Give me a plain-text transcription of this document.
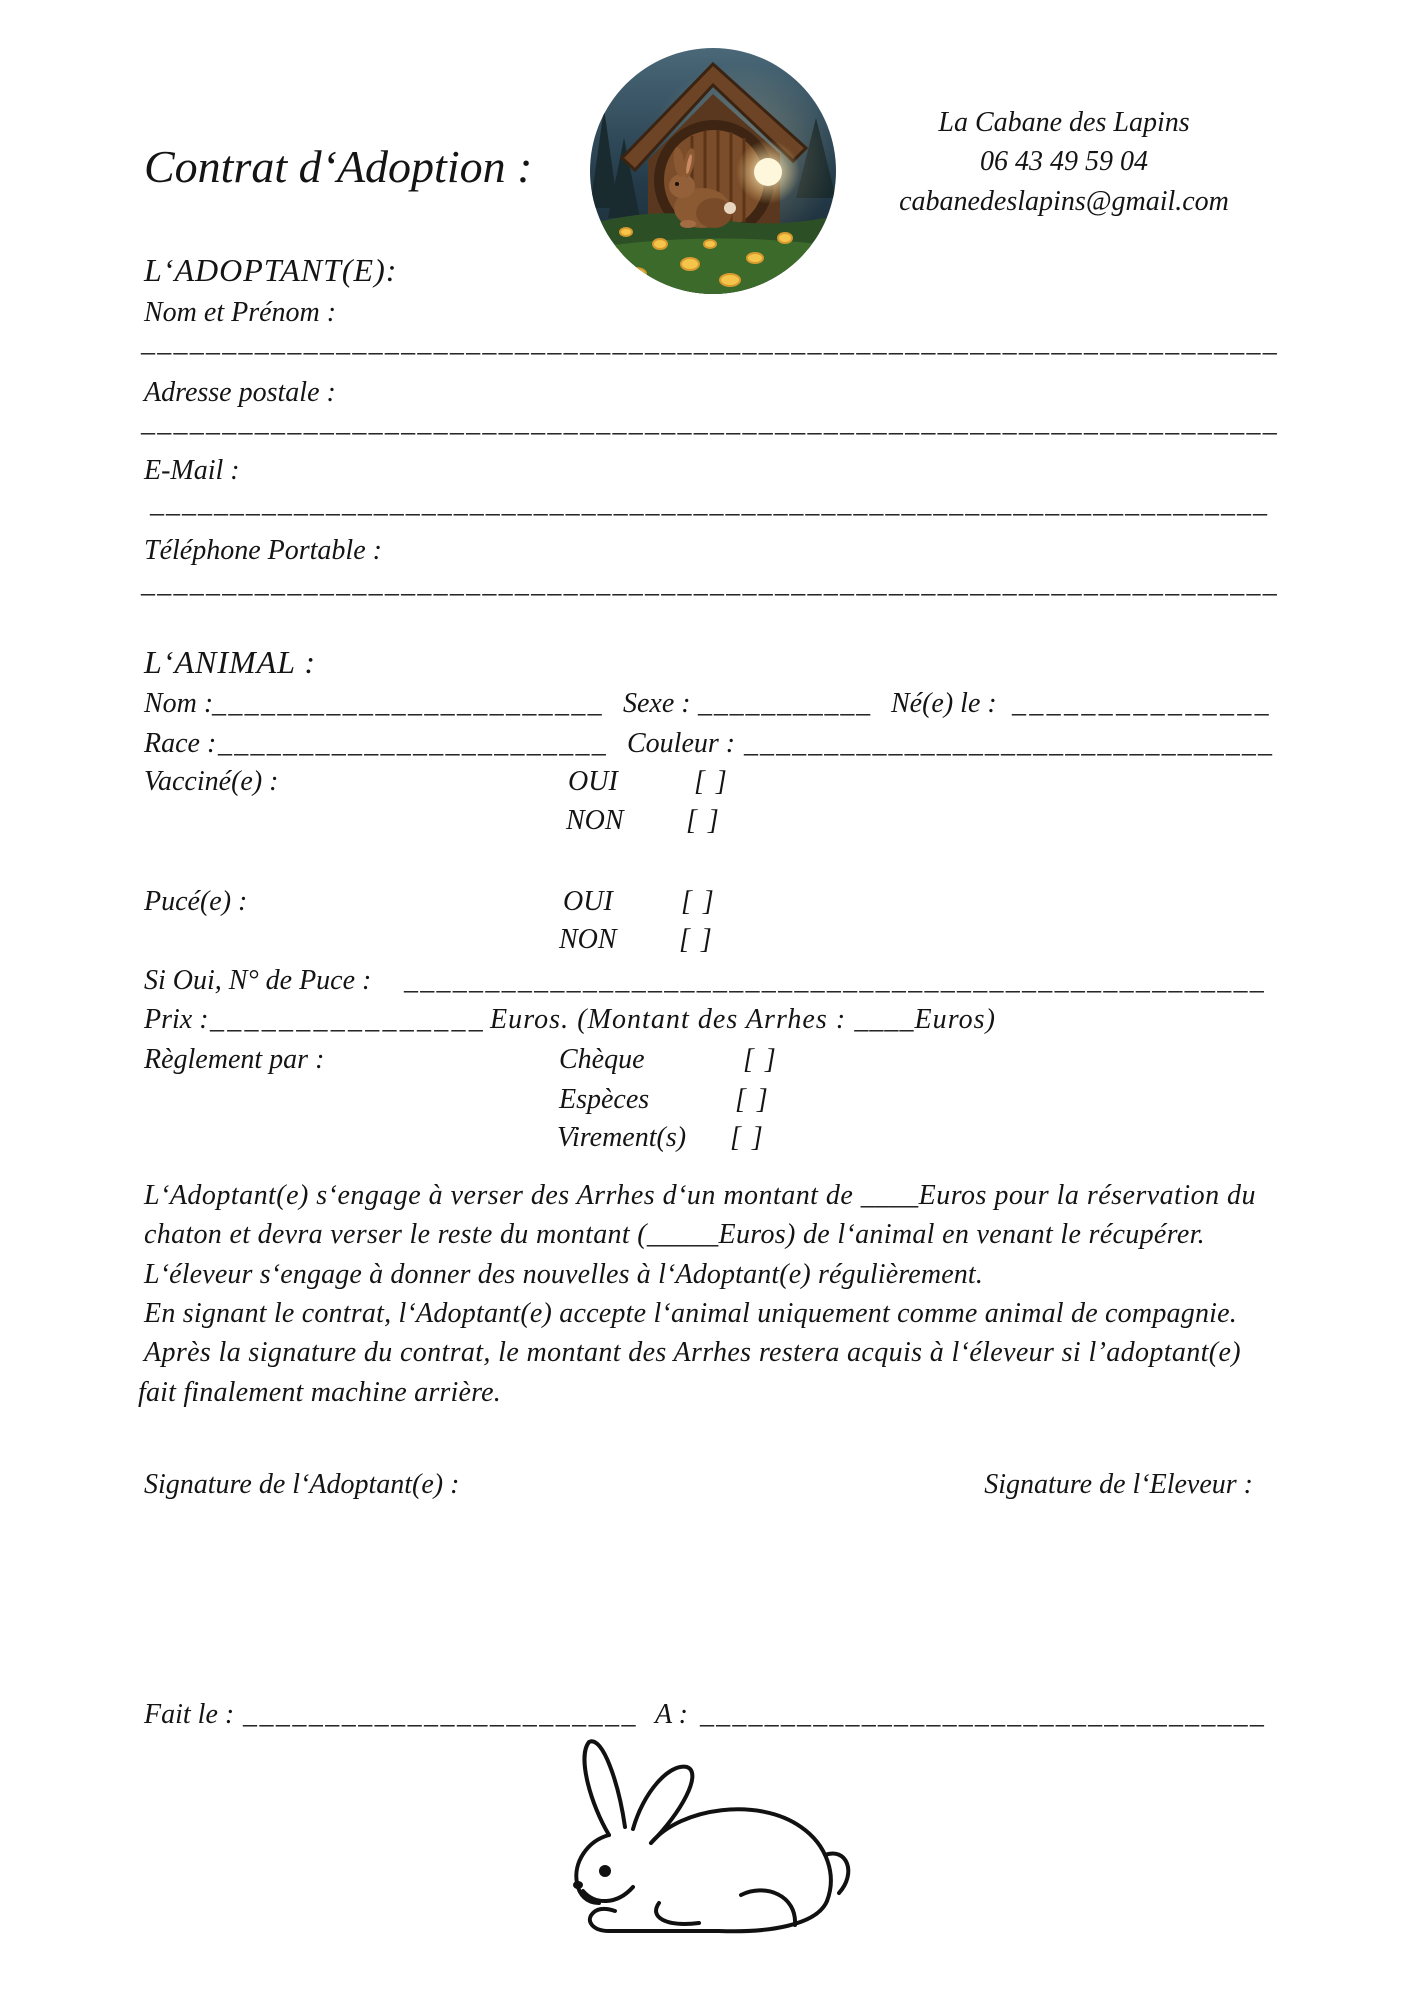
Contrat d‘Adoption :
La Cabane des Lapins
06 43 49 59 04
cabanedeslapins@gmail.com
L‘ADOPTANT(E):
Nom et Prénom :
______________________________________________________________________
Adresse postale :
______________________________________________________________________
E-Mail :
______________________________________________________________________
Téléphone Portable :
______________________________________________________________________
L‘ANIMAL :
Nom :
________________________ Sexe : ___________ Né(e) le : _______________
Race : ________________________ Couleur : _________________________________
Vacciné(e) :	OUI	[ ]
NON [ ]
Pucé(e) :	OUI [ ]
NON [ ]
Si Oui, N° de Puce : _____________________________________________________
Prix : ________________ Euros. (Montant des Arrhes : ____Euros)
Règlement par :	Chèque	[ ]
Espèces	[ ]
Virement(s) [ ]
L‘Adoptant(e) s‘engage à verser des Arrhes d‘un montant de ____Euros pour la réservation du
chaton et devra verser le reste du montant (_____Euros) de l‘animal en venant le récupérer.
L‘éleveur s‘engage à donner des nouvelles à l‘Adoptant(e) régulièrement.
En signant le contrat, l‘Adoptant(e) accepte l‘animal uniquement comme animal de compagnie.
Après la signature du contrat, le montant des Arrhes restera acquis à l‘éleveur si l’adoptant(e)
fait finalement machine arrière.
Signature de l‘Adoptant(e) :	Signature de l‘Eleveur :
Fait le : ________________________ A : ___________________________________
